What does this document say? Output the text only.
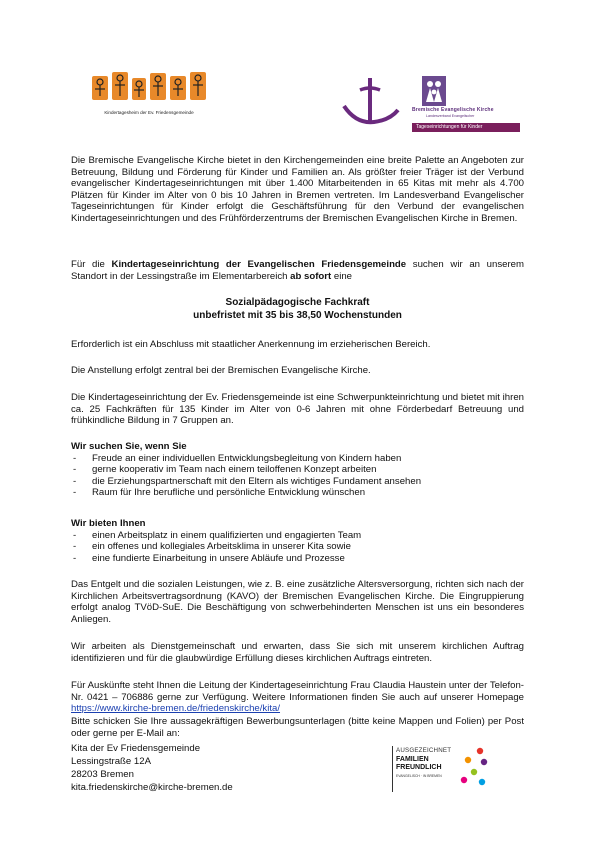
Kindertagesheim der Ev. Friedensgemeinde	Bremische Evangelische Kirche
Landesverband Evangelischer
Tageseinrichtungen für Kinder
Die Bremische Evangelische Kirche bietet in den Kirchengemeinden eine breite Palette an Angeboten zur Betreuung, Bildung und Förderung für Kinder und Familien an. Als größter freier Träger ist der Verbund evangelischer Kindertageseinrichtungen mit über 1.400 Mitarbeitenden in 65 Kitas mit mehr als 4.700 Plätzen für Kinder im Alter von 0 bis 10 Jahren in Bremen vertreten. Im Landesverband Evangelischer Tageseinrichtungen für Kinder erfolgt die Geschäftsführung für den Verbund der evangelischen Kindertageseinrichtungen und des Frühförderzentrums der Bremischen Evangelischen Kirche in Bremen.
Für die Kindertageseinrichtung der Evangelischen Friedensgemeinde suchen wir an unserem Standort in der Lessingstraße im Elementarbereich ab sofort eine
Sozialpädagogische Fachkraft
unbefristet mit 35 bis 38,50 Wochenstunden
Erforderlich ist ein Abschluss mit staatlicher Anerkennung im erzieherischen Bereich.
Die Anstellung erfolgt zentral bei der Bremischen Evangelische Kirche.
Die Kindertageseinrichtung der Ev. Friedensgemeinde ist eine Schwerpunkteinrichtung und bietet mit ihren ca. 25 Fachkräften für 135 Kinder im Alter von 0-6 Jahren mit ohne Förderbedarf Betreuung und frühkindliche Bildung in 7 Gruppen an.
Wir suchen Sie, wenn Sie
- Freude an einer individuellen Entwicklungsbegleitung von Kindern haben
- gerne kooperativ im Team nach einem teiloffenen Konzept arbeiten
- die Erziehungspartnerschaft mit den Eltern als wichtiges Fundament ansehen
- Raum für Ihre berufliche und persönliche Entwicklung wünschen
Wir bieten Ihnen
- einen Arbeitsplatz in einem qualifizierten und engagierten Team
- ein offenes und kollegiales Arbeitsklima in unserer Kita sowie
- eine fundierte Einarbeitung in unsere Abläufe und Prozesse
Das Entgelt und die sozialen Leistungen, wie z. B. eine zusätzliche Altersversorgung, richten sich nach der Kirchlichen Arbeitsvertragsordnung (KAVO) der Bremischen Evangelischen Kirche. Die Eingruppierung erfolgt analog TVöD-SuE. Die Beschäftigung von schwerbehinderten Menschen ist uns ein besonderes Anliegen.
Wir arbeiten als Dienstgemeinschaft und erwarten, dass Sie sich mit unserem kirchlichen Auftrag identifizieren und für die glaubwürdige Erfüllung dieses kirchlichen Auftrags eintreten.
Für Auskünfte steht Ihnen die Leitung der Kindertageseinrichtung Frau Claudia Haustein unter der Telefon-Nr. 0421 – 706886 gerne zur Verfügung. Weitere Informationen finden Sie auch auf unserer Homepage https://www.kirche-bremen.de/friedenskirche/kita/
Bitte schicken Sie Ihre aussagekräftigen Bewerbungsunterlagen (bitte keine Mappen und Folien) per Post oder gerne per E-Mail an:
Kita der Ev Friedensgemeinde
Lessingstraße 12A
28203 Bremen
kita.friedenskirche@kirche-bremen.de
AUSGEZEICHNET
FAMILIEN
FREUNDLICH
EVANGELISCH · IN BREMEN
